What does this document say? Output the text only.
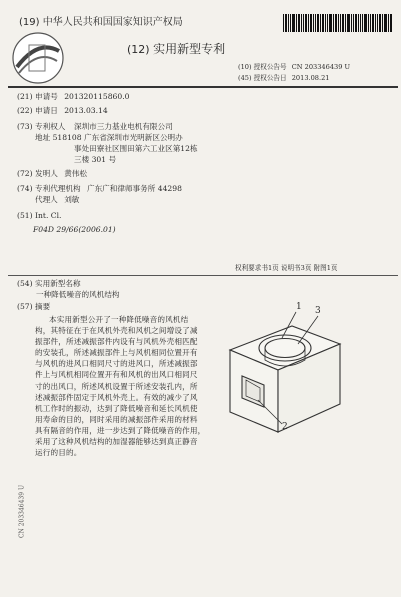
(19) 中华人民共和国国家知识产权局
(12) 实用新型专利
(10) 授权公告号 CN 203346439 U
(45) 授权公告日 2013.08.21
(21) 申请号 201320115860.0
(22) 申请日 2013.03.14
(73) 专利权人 深圳市三力基业电机有限公司
地址 518108 广东省深圳市光明新区公明办
事处田寮社区围田第六工业区第12栋
三楼 301 号
(72) 发明人 黄伟松
(74) 专利代理机构 广东广和律师事务所 44298
代理人 刘敏
(51) Int. Cl.
F04D 29/66(2006.01)
权利要求书1页 说明书3页 附图1页
(54) 实用新型名称
一种降低噪音的风机结构
(57) 摘要
本实用新型公开了一种降低噪音的风机结
构，其特征在于在风机外壳和风机之间增设了减
振部件，所述减振部件内设有与风机外壳相匹配
的安装孔，所述减振部件上与风机相同位置开有
与风机的进风口相同尺寸的进风口，所述减振部
件上与风机相同位置开有和风机的出风口相同尺
寸的出风口，所述风机设置于所述安装孔内，所
述减振部件固定于风机外壳上。有效的减少了风
机工作时的振动，达到了降低噪音和延长风机使
用寿命的目的，同时采用的减振部件采用的材料
具有隔音的作用，进一步达到了降低噪音的作用，
采用了这种风机结构的加湿器能够达到真正静音
运行的目的。
1 3
2
CN 203346439 U
